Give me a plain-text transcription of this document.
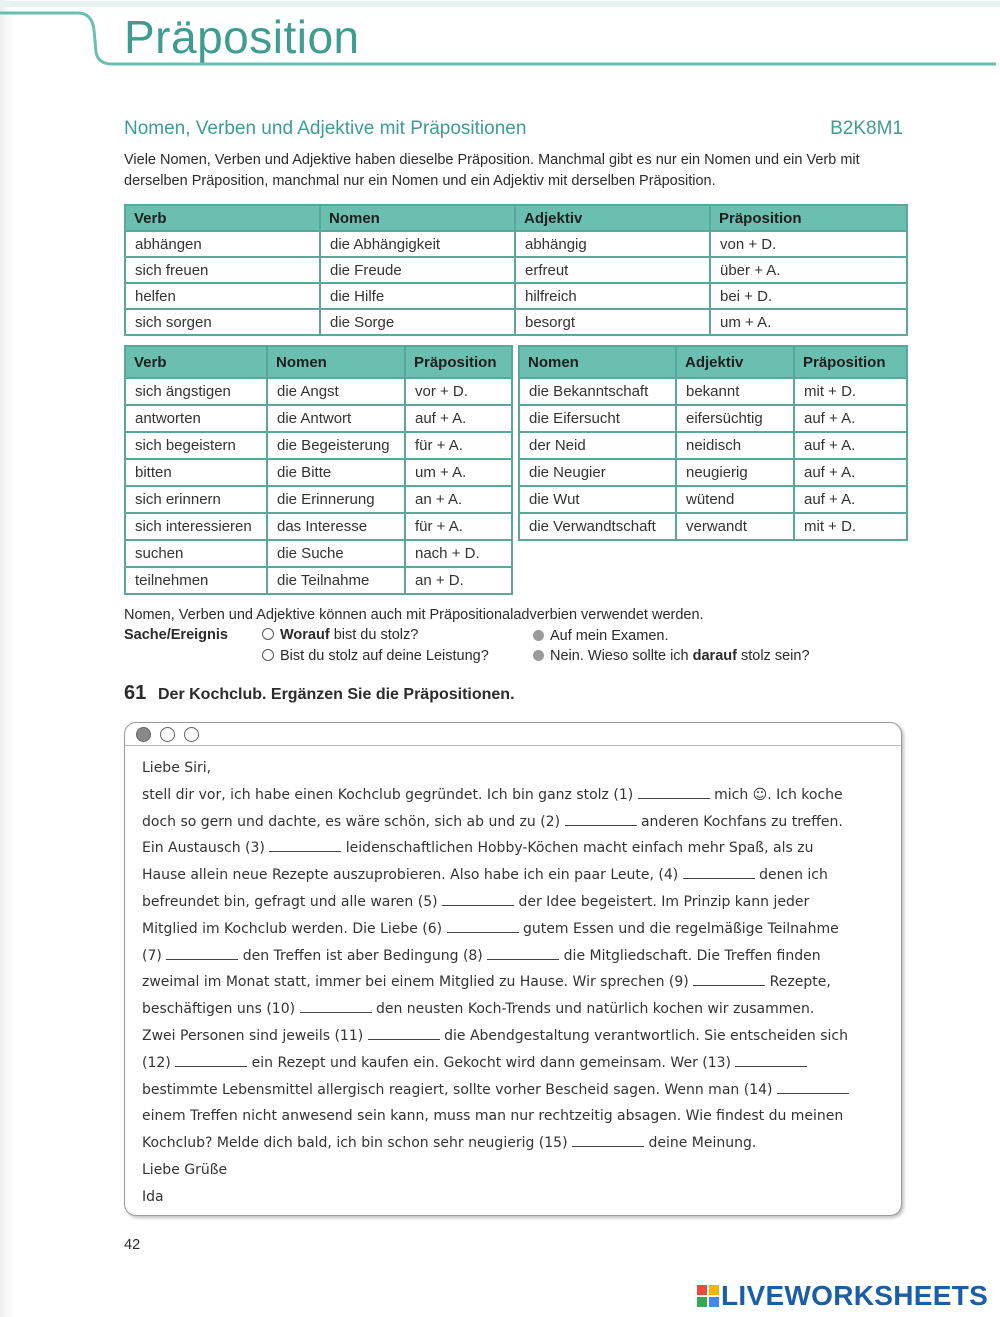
Präposition
Nomen, Verben und Adjektive mit Präpositionen	B2K8M1
Viele Nomen, Verben und Adjektive haben dieselbe Präposition. Manchmal gibt es nur ein Nomen und ein Verb mit derselben Präposition, manchmal nur ein Nomen und ein Adjektiv mit derselben Präposition.
Verb	Nomen	Adjektiv	Präposition
abhängen	die Abhängigkeit	abhängig	von + D.
sich freuen	die Freude	erfreut	über + A.
helfen	die Hilfe	hilfreich	bei + D.
sich sorgen	die Sorge	besorgt	um + A.
Verb	Nomen	Präposition
sich ängstigen	die Angst	vor + D.
antworten	die Antwort	auf + A.
sich begeistern	die Begeisterung	für + A.
bitten	die Bitte	um + A.
sich erinnern	die Erinnerung	an + A.
sich interessieren	das Interesse	für + A.
suchen	die Suche	nach + D.
teilnehmen	die Teilnahme	an + D.
Nomen	Adjektiv	Präposition
die Bekanntschaft	bekannt	mit + D.
die Eifersucht	eifersüchtig	auf + A.
der Neid	neidisch	auf + A.
die Neugier	neugierig	auf + A.
die Wut	wütend	auf + A.
die Verwandtschaft	verwandt	mit + D.
Nomen, Verben und Adjektive können auch mit Präpositionaladverbien verwendet werden.
Sache/Ereignis	Worauf bist du stolz?
Bist du stolz auf deine Leistung?
Auf mein Examen.
Nein. Wieso sollte ich darauf stolz sein?
61 Der Kochclub. Ergänzen Sie die Präpositionen.
Liebe Siri,
stell dir vor, ich habe einen Kochclub gegründet. Ich bin ganz stolz (1)	mich ☺. Ich koche
doch so gern und dachte, es wäre schön, sich ab und zu (2)	anderen Kochfans zu treffen.
Ein Austausch (3)	leidenschaftlichen Hobby-Köchen macht einfach mehr Spaß, als zu
Hause allein neue Rezepte auszuprobieren. Also habe ich ein paar Leute, (4)	denen ich
befreundet bin, gefragt und alle waren (5)	der Idee begeistert. Im Prinzip kann jeder
Mitglied im Kochclub werden. Die Liebe (6)	gutem Essen und die regelmäßige Teilnahme
(7)	den Treffen ist aber Bedingung (8)	die Mitgliedschaft. Die Treffen finden
zweimal im Monat statt, immer bei einem Mitglied zu Hause. Wir sprechen (9)	Rezepte,
beschäftigen uns (10)	den neusten Koch-Trends und natürlich kochen wir zusammen.
Zwei Personen sind jeweils (11)	die Abendgestaltung verantwortlich. Sie entscheiden sich
(12)	ein Rezept und kaufen ein. Gekocht wird dann gemeinsam. Wer (13)
bestimmte Lebensmittel allergisch reagiert, sollte vorher Bescheid sagen. Wenn man (14)
einem Treffen nicht anwesend sein kann, muss man nur rechtzeitig absagen. Wie findest du meinen
Kochclub? Melde dich bald, ich bin schon sehr neugierig (15)	deine Meinung.
Liebe Grüße
Ida
42
LIVEWORKSHEETS
